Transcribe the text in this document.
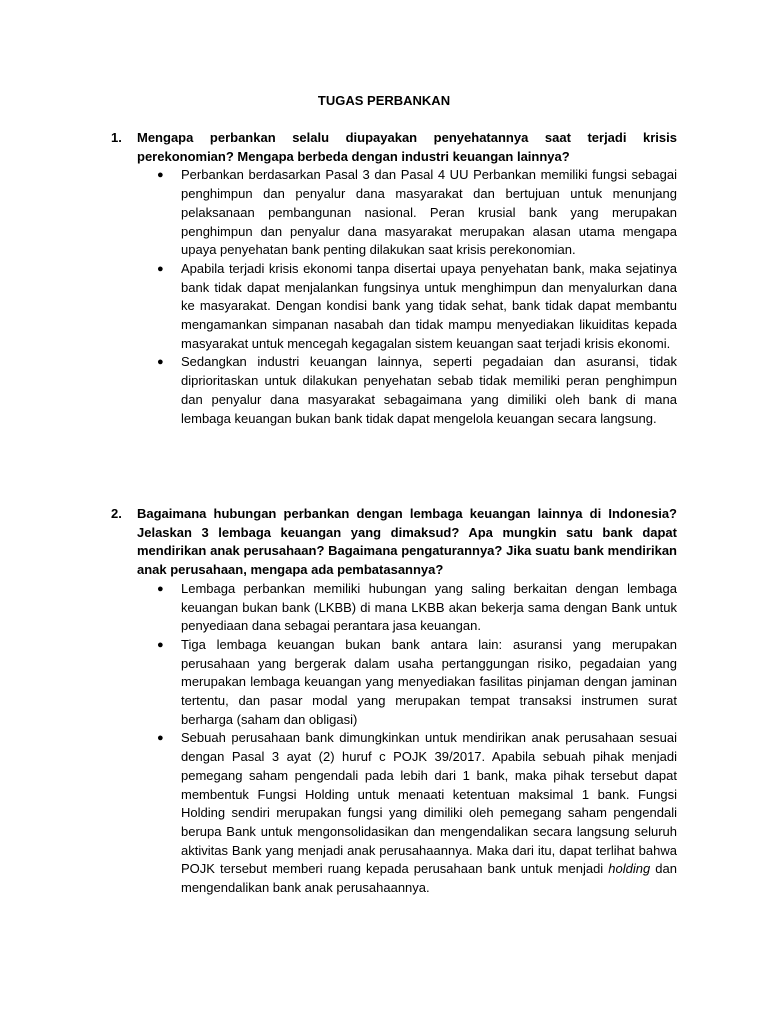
TUGAS PERBANKAN
1. Mengapa perbankan selalu diupayakan penyehatannya saat terjadi krisis perekonomian? Mengapa berbeda dengan industri keuangan lainnya?
● Perbankan berdasarkan Pasal 3 dan Pasal 4 UU Perbankan memiliki fungsi sebagai penghimpun dan penyalur dana masyarakat dan bertujuan untuk menunjang pelaksanaan pembangunan nasional. Peran krusial bank yang merupakan penghimpun dan penyalur dana masyarakat merupakan alasan utama mengapa upaya penyehatan bank penting dilakukan saat krisis perekonomian.
● Apabila terjadi krisis ekonomi tanpa disertai upaya penyehatan bank, maka sejatinya bank tidak dapat menjalankan fungsinya untuk menghimpun dan menyalurkan dana ke masyarakat. Dengan kondisi bank yang tidak sehat, bank tidak dapat membantu mengamankan simpanan nasabah dan tidak mampu menyediakan likuiditas kepada masyarakat untuk mencegah kegagalan sistem keuangan saat terjadi krisis ekonomi.
● Sedangkan industri keuangan lainnya, seperti pegadaian dan asuransi, tidak diprioritaskan untuk dilakukan penyehatan sebab tidak memiliki peran penghimpun dan penyalur dana masyarakat sebagaimana yang dimiliki oleh bank di mana lembaga keuangan bukan bank tidak dapat mengelola keuangan secara langsung.
2. Bagaimana hubungan perbankan dengan lembaga keuangan lainnya di Indonesia? Jelaskan 3 lembaga keuangan yang dimaksud? Apa mungkin satu bank dapat mendirikan anak perusahaan? Bagaimana pengaturannya? Jika suatu bank mendirikan anak perusahaan, mengapa ada pembatasannya?
● Lembaga perbankan memiliki hubungan yang saling berkaitan dengan lembaga keuangan bukan bank (LKBB) di mana LKBB akan bekerja sama dengan Bank untuk penyediaan dana sebagai perantara jasa keuangan.
● Tiga lembaga keuangan bukan bank antara lain: asuransi yang merupakan perusahaan yang bergerak dalam usaha pertanggungan risiko, pegadaian yang merupakan lembaga keuangan yang menyediakan fasilitas pinjaman dengan jaminan tertentu, dan pasar modal yang merupakan tempat transaksi instrumen surat berharga (saham dan obligasi)
● Sebuah perusahaan bank dimungkinkan untuk mendirikan anak perusahaan sesuai dengan Pasal 3 ayat (2) huruf c POJK 39/2017. Apabila sebuah pihak menjadi pemegang saham pengendali pada lebih dari 1 bank, maka pihak tersebut dapat membentuk Fungsi Holding untuk menaati ketentuan maksimal 1 bank. Fungsi Holding sendiri merupakan fungsi yang dimiliki oleh pemegang saham pengendali berupa Bank untuk mengonsolidasikan dan mengendalikan secara langsung seluruh aktivitas Bank yang menjadi anak perusahaannya. Maka dari itu, dapat terlihat bahwa POJK tersebut memberi ruang kepada perusahaan bank untuk menjadi holding dan mengendalikan bank anak perusahaannya.
